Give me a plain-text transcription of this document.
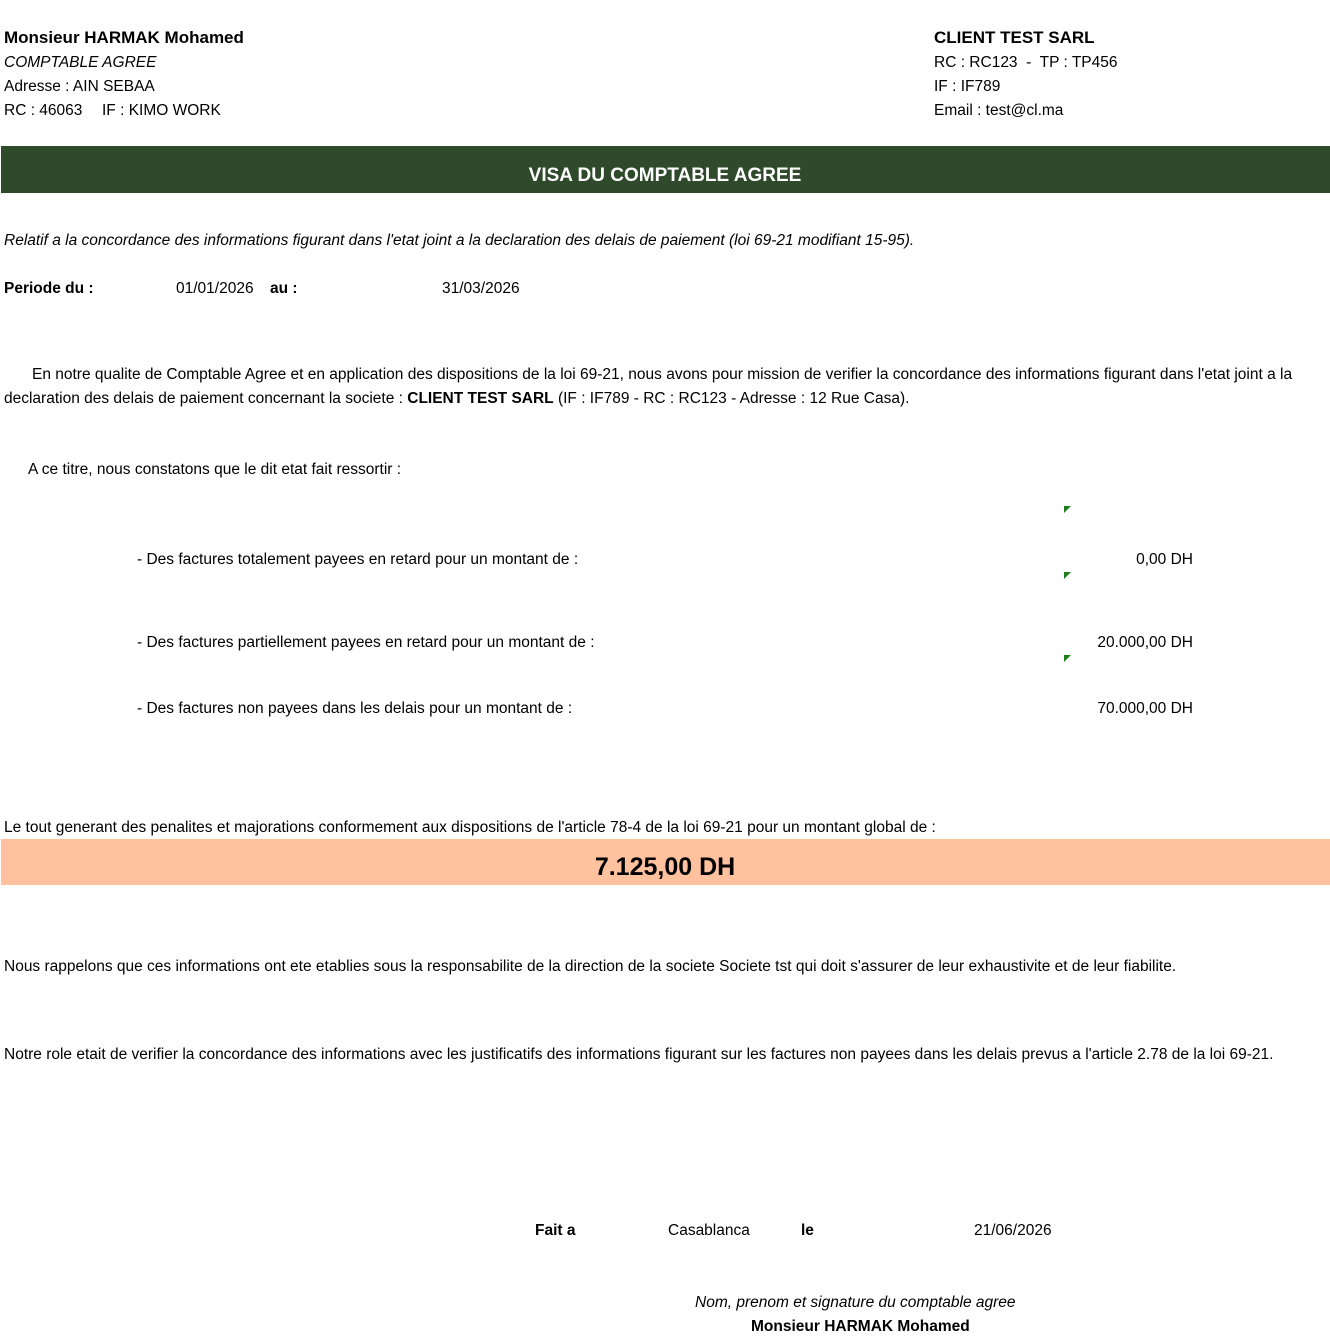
Monsieur HARMAK Mohamed
COMPTABLE AGREE
Adresse : AIN SEBAA
RC : 46063 IF : KIMO WORK
CLIENT TEST SARL
RC : RC123  -  TP : TP456
IF : IF789
Email : test@cl.ma
VISA DU COMPTABLE AGREE
Relatif a la concordance des informations figurant dans l'etat joint a la declaration des delais de paiement (loi 69-21 modifiant 15-95).
Periode du :	01/01/2026 au :	31/03/2026
En notre qualite de Comptable Agree et en application des dispositions de la loi 69-21, nous avons pour mission de verifier la concordance des informations figurant dans l'etat joint a la declaration des delais de paiement concernant la societe : CLIENT TEST SARL (IF : IF789 - RC : RC123 - Adresse : 12 Rue Casa).
A ce titre, nous constatons que le dit etat fait ressortir :
- Des factures totalement payees en retard pour un montant de :	0,00 DH
- Des factures partiellement payees en retard pour un montant de :	20.000,00 DH
- Des factures non payees dans les delais pour un montant de :	70.000,00 DH
Le tout generant des penalites et majorations conformement aux dispositions de l'article 78-4 de la loi 69-21 pour un montant global de :
7.125,00 DH
Nous rappelons que ces informations ont ete etablies sous la responsabilite de la direction de la societe Societe tst qui doit s'assurer de leur exhaustivite et de leur fiabilite.
Notre role etait de verifier la concordance des informations avec les justificatifs des informations figurant sur les factures non payees dans les delais prevus a l'article 2.78 de la loi 69-21.
Fait a	Casablanca	le	21/06/2026
Nom, prenom et signature du comptable agree
Monsieur HARMAK Mohamed
